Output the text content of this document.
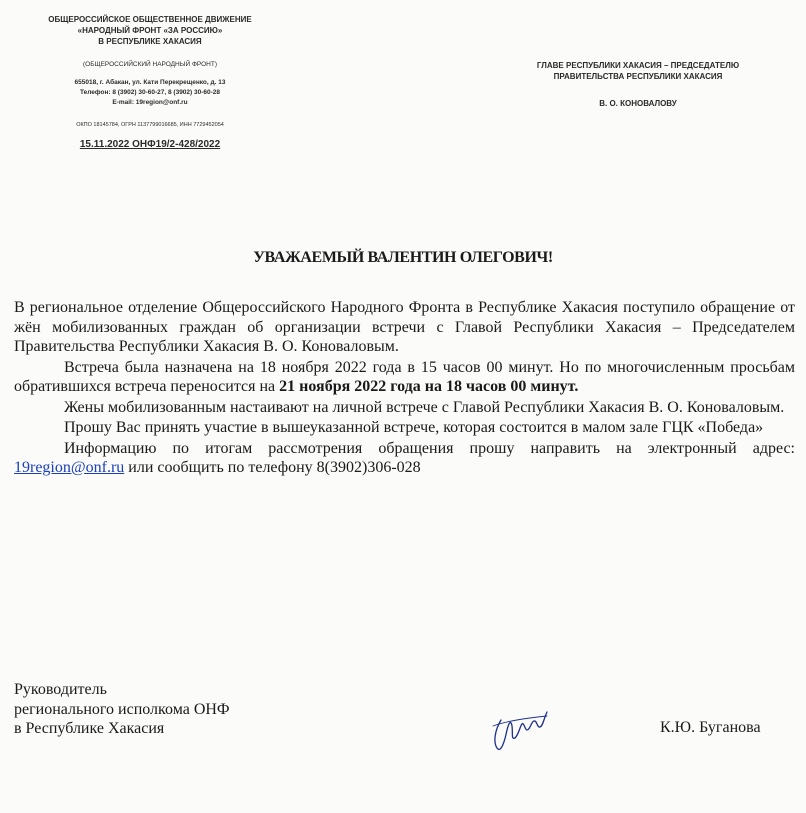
ОБЩЕРОССИЙСКОЕ ОБЩЕСТВЕННОЕ ДВИЖЕНИЕ
«НАРОДНЫЙ ФРОНТ «ЗА РОССИЮ»
В РЕСПУБЛИКЕ ХАКАСИЯ
(ОБЩЕРОССИЙСКИЙ НАРОДНЫЙ ФРОНТ)
655018, г. Абакан, ул. Кати Перекрещенко, д. 13
Телефон: 8 (3902) 30-60-27, 8 (3902) 30-60-28
E-mail: 19region@onf.ru
ОКПО 18145784, ОГРН 1137799016685, ИНН 7729452054
15.11.2022 ОНФ19/2-428/2022
ГЛАВЕ РЕСПУБЛИКИ ХАКАСИЯ – ПРЕДСЕДАТЕЛЮ
ПРАВИТЕЛЬСТВА РЕСПУБЛИКИ ХАКАСИЯ
В. О. КОНОВАЛОВУ
УВАЖАЕМЫЙ ВАЛЕНТИН ОЛЕГОВИЧ!

В региональное отделение Общероссийского Народного Фронта в Республике Хакасия поступило обращение от жён мобилизованных граждан об организации встречи с Главой Республики Хакасия – Председателем Правительства Республики Хакасия В. О. Коноваловым.

Встреча была назначена на 18 ноября 2022 года в 15 часов 00 минут. Но по многочисленным просьбам обратившихся встреча переносится на 21 ноября 2022 года на 18 часов 00 минут.

Жены мобилизованным настаивают на личной встрече с Главой Республики Хакасия В. О. Коноваловым.

Прошу Вас принять участие в вышеуказанной встрече, которая состоится в малом зале ГЦК «Победа»

Информацию по итогам рассмотрения обращения прошу направить на электронный адрес: 19region@onf.ru или сообщить по телефону 8(3902)306-028

Руководитель
регионального исполкома ОНФ
в Республике Хакасия	К.Ю. Буганова
